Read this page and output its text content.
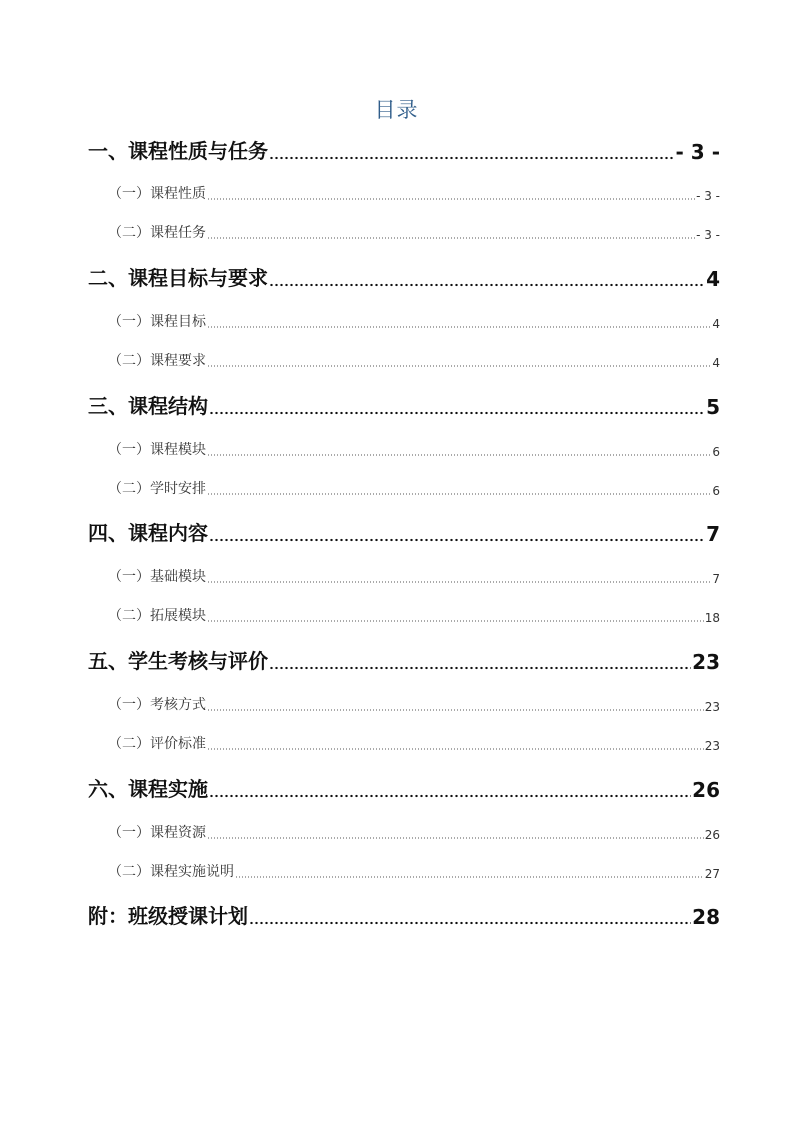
目录
一、课程性质与任务	- 3 -
（一）课程性质	- 3 -
（二）课程任务	- 3 -
二、课程目标与要求	4
（一）课程目标	4
（二）课程要求	4
三、课程结构	5
（一）课程模块	6
（二）学时安排	6
四、课程内容	7
（一）基础模块	7
（二）拓展模块	18
五、学生考核与评价	23
（一）考核方式	23
（二）评价标准	23
六、课程实施	26
（一）课程资源	26
（二）课程实施说明	27
附：班级授课计划	28
